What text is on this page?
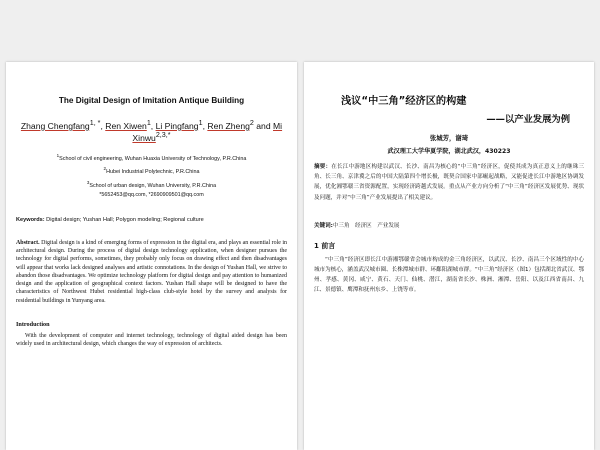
The Digital Design of Imitation Antique Building
Zhang Chengfang$^{1, *}$, Ren Xiwen$^1$, Li Pingfang$^1$, Ren Zheng$^2$ and Mi Xinwu$^{2,3,*}$
$^1$School of civil engineering, Wuhan Huaxia University of Technology, P.R.China
$^2$Hubei Industrial Polytechnic, P.R.China
$^3$School of urban design, Wuhan University, P.R.China
*5652453@qq.com, *2690909501@qq.com
Keywords: Digital design; Yushan Hall; Polygon modeling; Regional culture

Abstract. Digital design is a kind of emerging forms of expression in the digital era, and plays an essential role in architectural design. During the process of digital design technology application, when designer pursues the technology for digital performs, sometimes, they probably only focus on drawing effect and then disadvantages will appear that works lack designed analyses and artistic connotations. In the design of Yushan Hall, we strive to abandon those disadvantages. We optimize technology platform for digital design and pay attention to humanized design and the application of geographical context factors. Yushan Hall shape will be designed to have the characteristics of Northwest Hubei residential high-class club-style hotel by the survey and analysis for residential buildings in Yunyang area.

Introduction

With the development of computer and internet technology, technology of digital aided design has been widely used in architectural design, which changes the way of expression of architects.

浅议“中三角”经济区的构建
——以产业发展为例
张城芳，谢琦
武汉理工大学华夏学院，湖北武汉，430223

摘要：在长江中游地区构建以武汉、长沙、南昌为核心的“中三角”经济区，促使其成为真正意义上的继珠三角、长三角、京津冀之后的中国大陆第四个增长极，既契合国家中部崛起战略，又能促进长江中游地区协调发展，优化湘鄂赣三省资源配置，实现经济跨越式发展。重点从产业方向分析了“中三角”经济区发展优势、现状及问题，并对“中三角”产业发展提出了相关建议。

关键词:中三角　经济区　产业发展
1 前言

“中三角”经济区即长江中游湘鄂赣省会城市构成的金三角经济区，以武汉、长沙、南昌三个区域性的中心城市为核心，涵盖武汉城市圈、长株潭城市群、环鄱阳湖城市群。“中三角”经济区（图1）包括湖北省武汉、鄂州、孝感、黄冈、咸宁、黄石、天门、仙桃、潜江，湖南省长沙、株洲、湘潭、岳阳、以及江西省南昌、九江、景德镇、鹰潭和抚州东乡、上饶等市。
